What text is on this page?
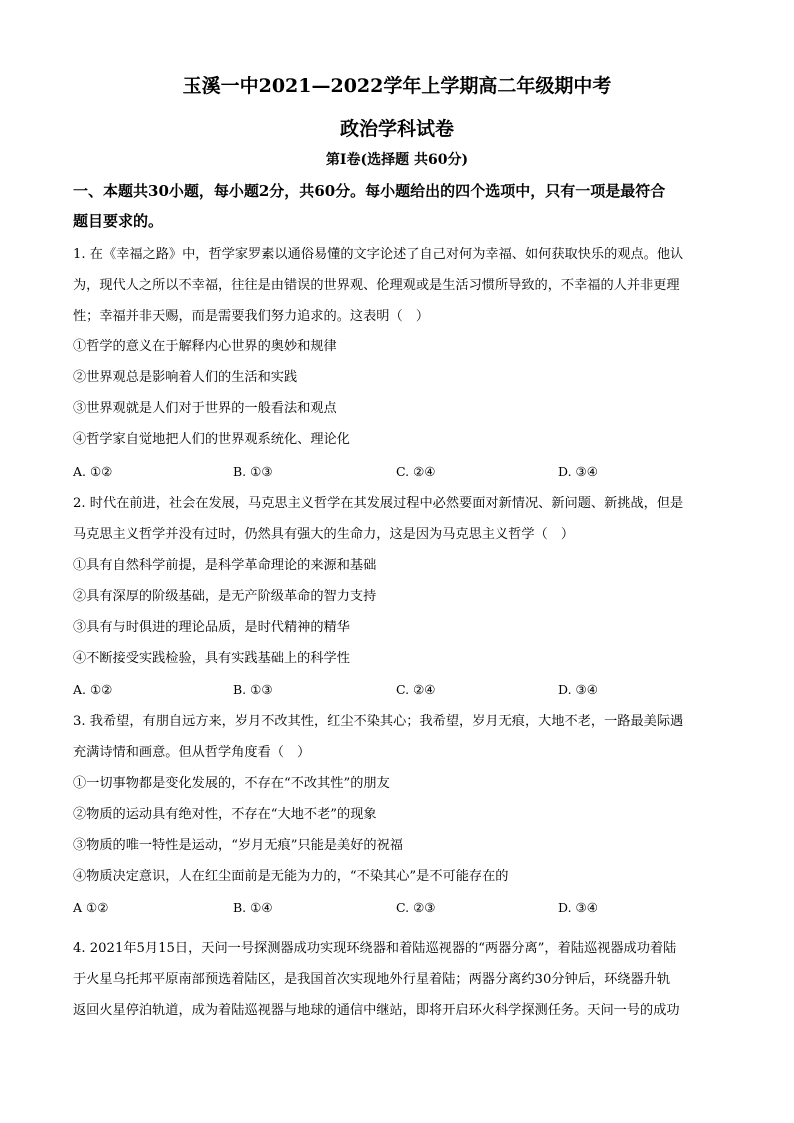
玉溪一中2021—2022学年上学期高二年级期中考
政治学科试卷
第Ⅰ卷(选择题 共60分)
一、本题共30小题，每小题2分，共60分。每小题给出的四个选项中，只有一项是最符合
题目要求的。
1. 在《幸福之路》中，哲学家罗素以通俗易懂的文字论述了自己对何为幸福、如何获取快乐的观点。他认
为，现代人之所以不幸福，往往是由错误的世界观、伦理观或是生活习惯所导致的，不幸福的人并非更理
性；幸福并非天赐，而是需要我们努力追求的。这表明（　）
①哲学的意义在于解释内心世界的奥妙和规律
②世界观总是影响着人们的生活和实践
③世界观就是人们对于世界的一般看法和观点
④哲学家自觉地把人们的世界观系统化、理论化
A. ①②	B. ①③	C. ②④	D. ③④
2. 时代在前进，社会在发展，马克思主义哲学在其发展过程中必然要面对新情况、新问题、新挑战，但是
马克思主义哲学并没有过时，仍然具有强大的生命力，这是因为马克思主义哲学（　）
①具有自然科学前提，是科学革命理论的来源和基础
②具有深厚的阶级基础，是无产阶级革命的智力支持
③具有与时俱进的理论品质，是时代精神的精华
④不断接受实践检验，具有实践基础上的科学性
A. ①②	B. ①③	C. ②④	D. ③④
3. 我希望，有朋自远方来，岁月不改其性，红尘不染其心；我希望，岁月无痕，大地不老，一路最美际遇
充满诗情和画意。但从哲学角度看（　）
①一切事物都是变化发展的，不存在“不改其性”的朋友
②物质的运动具有绝对性，不存在“大地不老”的现象
③物质的唯一特性是运动，“岁月无痕”只能是美好的祝福
④物质决定意识，人在红尘面前是无能为力的，“不染其心”是不可能存在的
A ①②	B. ①④	C. ②③	D. ③④
4. 2021年5月15日，天问一号探测器成功实现环绕器和着陆巡视器的“两器分离”，着陆巡视器成功着陆
于火星乌托邦平原南部预选着陆区，是我国首次实现地外行星着陆；两器分离约30分钟后，环绕器升轨
返回火星停泊轨道，成为着陆巡视器与地球的通信中继站，即将开启环火科学探测任务。天问一号的成功
